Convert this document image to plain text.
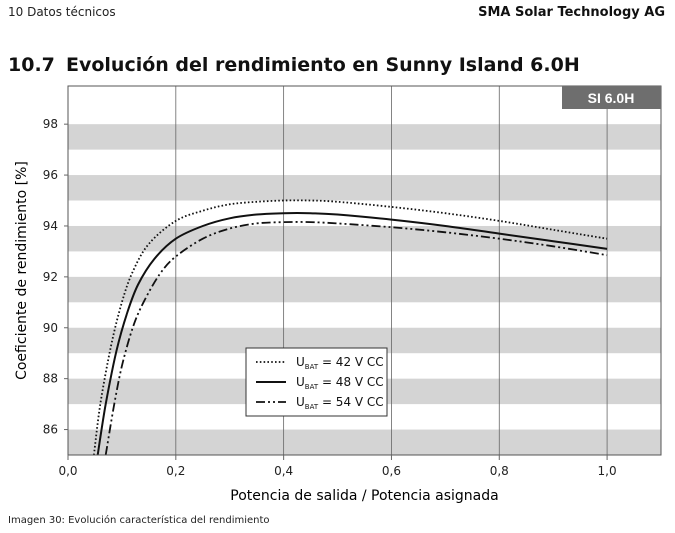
10 Datos técnicos	SMA Solar Technology AG
10.7 Evolución del rendimiento en Sunny Island 6.0H
SI 6.0H
0,0	0,2	0,4	0,6	0,8	1,0
86
88
90
92
94
96
98
$U_{BAT} = 42$ V CC
$U_{BAT} = 48$ V CC
$U_{BAT} = 54$ V CC
Potencia de salida / Potencia asignada
Coeficiente de rendimiento [%]
Imagen 30: Evolución característica del rendimiento
